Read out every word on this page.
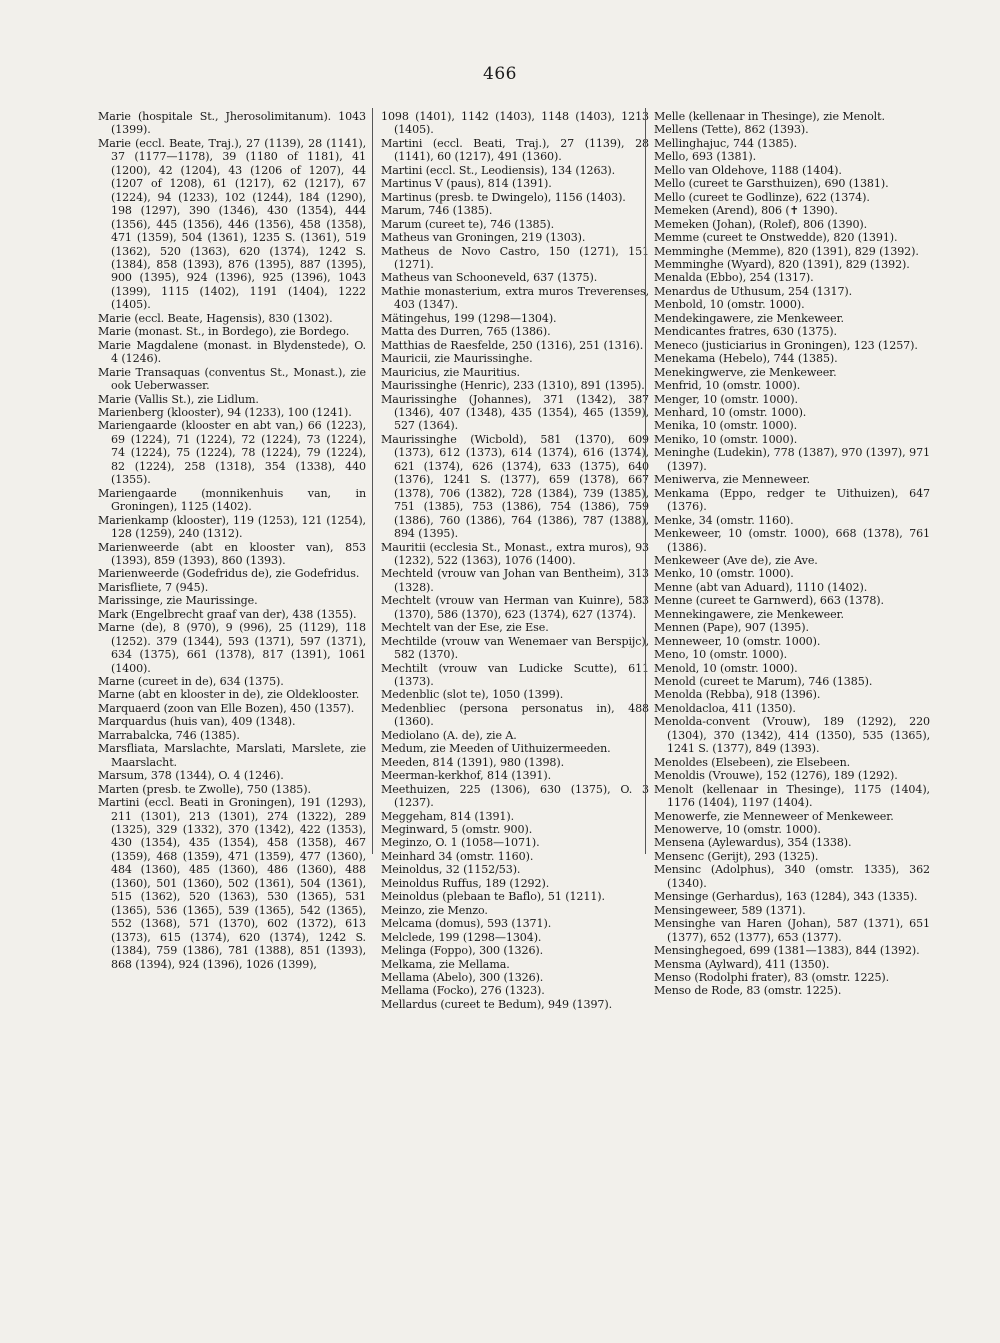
466
Marie (hospitale St., Jherosolimitanum). 1043 (1399).
Marie (eccl. Beate, Traj.), 27 (1139), 28 (1141), 37 (1177—1178), 39 (1180 of 1181), 41 (1200), 42 (1204), 43 (1206 of 1207), 44 (1207 of 1208), 61 (1217), 62 (1217), 67 (1224), 94 (1233), 102 (1244), 184 (1290), 198 (1297), 390 (1346), 430 (1354), 444 (1356), 445 (1356), 446 (1356), 458 (1358), 471 (1359), 504 (1361), 1235 S. (1361), 519 (1362), 520 (1363), 620 (1374), 1242 S. (1384), 858 (1393), 876 (1395), 887 (1395), 900 (1395), 924 (1396), 925 (1396), 1043 (1399), 1115 (1402), 1191 (1404), 1222 (1405).
Marie (eccl. Beate, Hagensis), 830 (1302).
Marie (monast. St., in Bordego), zie Bordego.
Marie Magdalene (monast. in Blydenstede), O. 4 (1246).
Marie Transaquas (conventus St., Monast.), zie ook Ueberwasser.
Marie (Vallis St.), zie Lidlum.
Marienberg (klooster), 94 (1233), 100 (1241).
Mariengaarde (klooster en abt van,) 66 (1223), 69 (1224), 71 (1224), 72 (1224), 73 (1224), 74 (1224), 75 (1224), 78 (1224), 79 (1224), 82 (1224), 258 (1318), 354 (1338), 440 (1355).
Mariengaarde (monnikenhuis van, in Groningen), 1125 (1402).
Marienkamp (klooster), 119 (1253), 121 (1254), 128 (1259), 240 (1312).
Marienweerde (abt en klooster van), 853 (1393), 859 (1393), 860 (1393).
Marienweerde (Godefridus de), zie Godefridus.
Marisfliete, 7 (945).
Marissinge, zie Maurissinge.
Mark (Engelbrecht graaf van der), 438 (1355).
Marne (de), 8 (970), 9 (996), 25 (1129), 118 (1252). 379 (1344), 593 (1371), 597 (1371), 634 (1375), 661 (1378), 817 (1391), 1061 (1400).
Marne (cureet in de), 634 (1375).
Marne (abt en klooster in de), zie Oldeklooster.
Marquaerd (zoon van Elle Bozen), 450 (1357).
Marquardus (huis van), 409 (1348).
Marrabalcka, 746 (1385).
Marsfliata, Marslachte, Marslati, Marslete, zie Maarslacht.
Marsum, 378 (1344), O. 4 (1246).
Marten (presb. te Zwolle), 750 (1385).
Martini (eccl. Beati in Groningen), 191 (1293), 211 (1301), 213 (1301), 274 (1322), 289 (1325), 329 (1332), 370 (1342), 422 (1353), 430 (1354), 435 (1354), 458 (1358), 467 (1359), 468 (1359), 471 (1359), 477 (1360), 484 (1360), 485 (1360), 486 (1360), 488 (1360), 501 (1360), 502 (1361), 504 (1361), 515 (1362), 520 (1363), 530 (1365), 531 (1365), 536 (1365), 539 (1365), 542 (1365), 552 (1368), 571 (1370), 602 (1372), 613 (1373), 615 (1374), 620 (1374), 1242 S. (1384), 759 (1386), 781 (1388), 851 (1393), 868 (1394), 924 (1396), 1026 (1399),
1098 (1401), 1142 (1403), 1148 (1403), 1213 (1405).
Martini (eccl. Beati, Traj.), 27 (1139), 28 (1141), 60 (1217), 491 (1360).
Martini (eccl. St., Leodiensis), 134 (1263).
Martinus V (paus), 814 (1391).
Martinus (presb. te Dwingelo), 1156 (1403).
Marum, 746 (1385).
Marum (cureet te), 746 (1385).
Matheus van Groningen, 219 (1303).
Matheus de Novo Castro, 150 (1271), 151 (1271).
Matheus van Schooneveld, 637 (1375).
Mathie monasterium, extra muros Treverenses, 403 (1347).
Mätingehus, 199 (1298—1304).
Matta des Durren, 765 (1386).
Matthias de Raesfelde, 250 (1316), 251 (1316).
Mauricii, zie Maurissinghe.
Mauricius, zie Mauritius.
Maurissinghe (Henric), 233 (1310), 891 (1395).
Maurissinghe (Johannes), 371 (1342), 387 (1346), 407 (1348), 435 (1354), 465 (1359), 527 (1364).
Maurissinghe (Wicbold), 581 (1370), 609 (1373), 612 (1373), 614 (1374), 616 (1374), 621 (1374), 626 (1374), 633 (1375), 640 (1376), 1241 S. (1377), 659 (1378), 667 (1378), 706 (1382), 728 (1384), 739 (1385), 751 (1385), 753 (1386), 754 (1386), 759 (1386), 760 (1386), 764 (1386), 787 (1388), 894 (1395).
Mauritii (ecclesia St., Monast., extra muros), 93 (1232), 522 (1363), 1076 (1400).
Mechteld (vrouw van Johan van Bentheim), 313 (1328).
Mechtelt (vrouw van Herman van Kuinre), 583 (1370), 586 (1370), 623 (1374), 627 (1374).
Mechtelt van der Ese, zie Ese.
Mechtilde (vrouw van Wenemaer van Berspijc), 582 (1370).
Mechtilt (vrouw van Ludicke Scutte), 611 (1373).
Medenblic (slot te), 1050 (1399).
Medenbliec (persona personatus in), 488 (1360).
Mediolano (A. de), zie A.
Medum, zie Meeden of Uithuizermeeden.
Meeden, 814 (1391), 980 (1398).
Meerman-kerkhof, 814 (1391).
Meethuizen, 225 (1306), 630 (1375), O. 3 (1237).
Meggeham, 814 (1391).
Meginward, 5 (omstr. 900).
Meginzo, O. 1 (1058—1071).
Meinhard 34 (omstr. 1160).
Meinoldus, 32 (1152/53).
Meinoldus Ruffus, 189 (1292).
Meinoldus (plebaan te Baflo), 51 (1211).
Meinzo, zie Menzo.
Melcama (domus), 593 (1371).
Melclede, 199 (1298—1304).
Melinga (Foppo), 300 (1326).
Melkama, zie Mellama.
Mellama (Abelo), 300 (1326).
Mellama (Focko), 276 (1323).
Mellardus (cureet te Bedum), 949 (1397).
Melle (kellenaar in Thesinge), zie Menolt.
Mellens (Tette), 862 (1393).
Mellinghajuc, 744 (1385).
Mello, 693 (1381).
Mello van Oldehove, 1188 (1404).
Mello (cureet te Garsthuizen), 690 (1381).
Mello (cureet te Godlinze), 622 (1374).
Memeken (Arend), 806 (✝ 1390).
Memeken (Johan), (Rolef), 806 (1390).
Memme (cureet te Onstwedde), 820 (1391).
Memminghe (Memme), 820 (1391), 829 (1392).
Memminghe (Wyard), 820 (1391), 829 (1392).
Menalda (Ebbo), 254 (1317).
Menardus de Uthusum, 254 (1317).
Menbold, 10 (omstr. 1000).
Mendekingawere, zie Menkeweer.
Mendicantes fratres, 630 (1375).
Meneco (justiciarius in Groningen), 123 (1257).
Menekama (Hebelo), 744 (1385).
Menekingwerve, zie Menkeweer.
Menfrid, 10 (omstr. 1000).
Menger, 10 (omstr. 1000).
Menhard, 10 (omstr. 1000).
Menika, 10 (omstr. 1000).
Meniko, 10 (omstr. 1000).
Meninghe (Ludekin), 778 (1387), 970 (1397), 971 (1397).
Meniwerva, zie Menneweer.
Menkama (Eppo, redger te Uithuizen), 647 (1376).
Menke, 34 (omstr. 1160).
Menkeweer, 10 (omstr. 1000), 668 (1378), 761 (1386).
Menkeweer (Ave de), zie Ave.
Menko, 10 (omstr. 1000).
Menne (abt van Aduard), 1110 (1402).
Menne (cureet te Garnwerd), 663 (1378).
Mennekingawere, zie Menkeweer.
Mennen (Pape), 907 (1395).
Menneweer, 10 (omstr. 1000).
Meno, 10 (omstr. 1000).
Menold, 10 (omstr. 1000).
Menold (cureet te Marum), 746 (1385).
Menolda (Rebba), 918 (1396).
Menoldacloa, 411 (1350).
Menolda-convent (Vrouw), 189 (1292), 220 (1304), 370 (1342), 414 (1350), 535 (1365), 1241 S. (1377), 849 (1393).
Menoldes (Elsebeen), zie Elsebeen.
Menoldis (Vrouwe), 152 (1276), 189 (1292).
Menolt (kellenaar in Thesinge), 1175 (1404), 1176 (1404), 1197 (1404).
Menowerfe, zie Menneweer of Menkeweer.
Menowerve, 10 (omstr. 1000).
Mensena (Aylewardus), 354 (1338).
Mensenc (Gerijt), 293 (1325).
Mensinc (Adolphus), 340 (omstr. 1335), 362 (1340).
Mensinge (Gerhardus), 163 (1284), 343 (1335).
Mensingeweer, 589 (1371).
Mensinghe van Haren (Johan), 587 (1371), 651 (1377), 652 (1377), 653 (1377).
Mensinghegoed, 699 (1381—1383), 844 (1392).
Mensma (Aylward), 411 (1350).
Menso (Rodolphi frater), 83 (omstr. 1225).
Menso de Rode, 83 (omstr. 1225).
